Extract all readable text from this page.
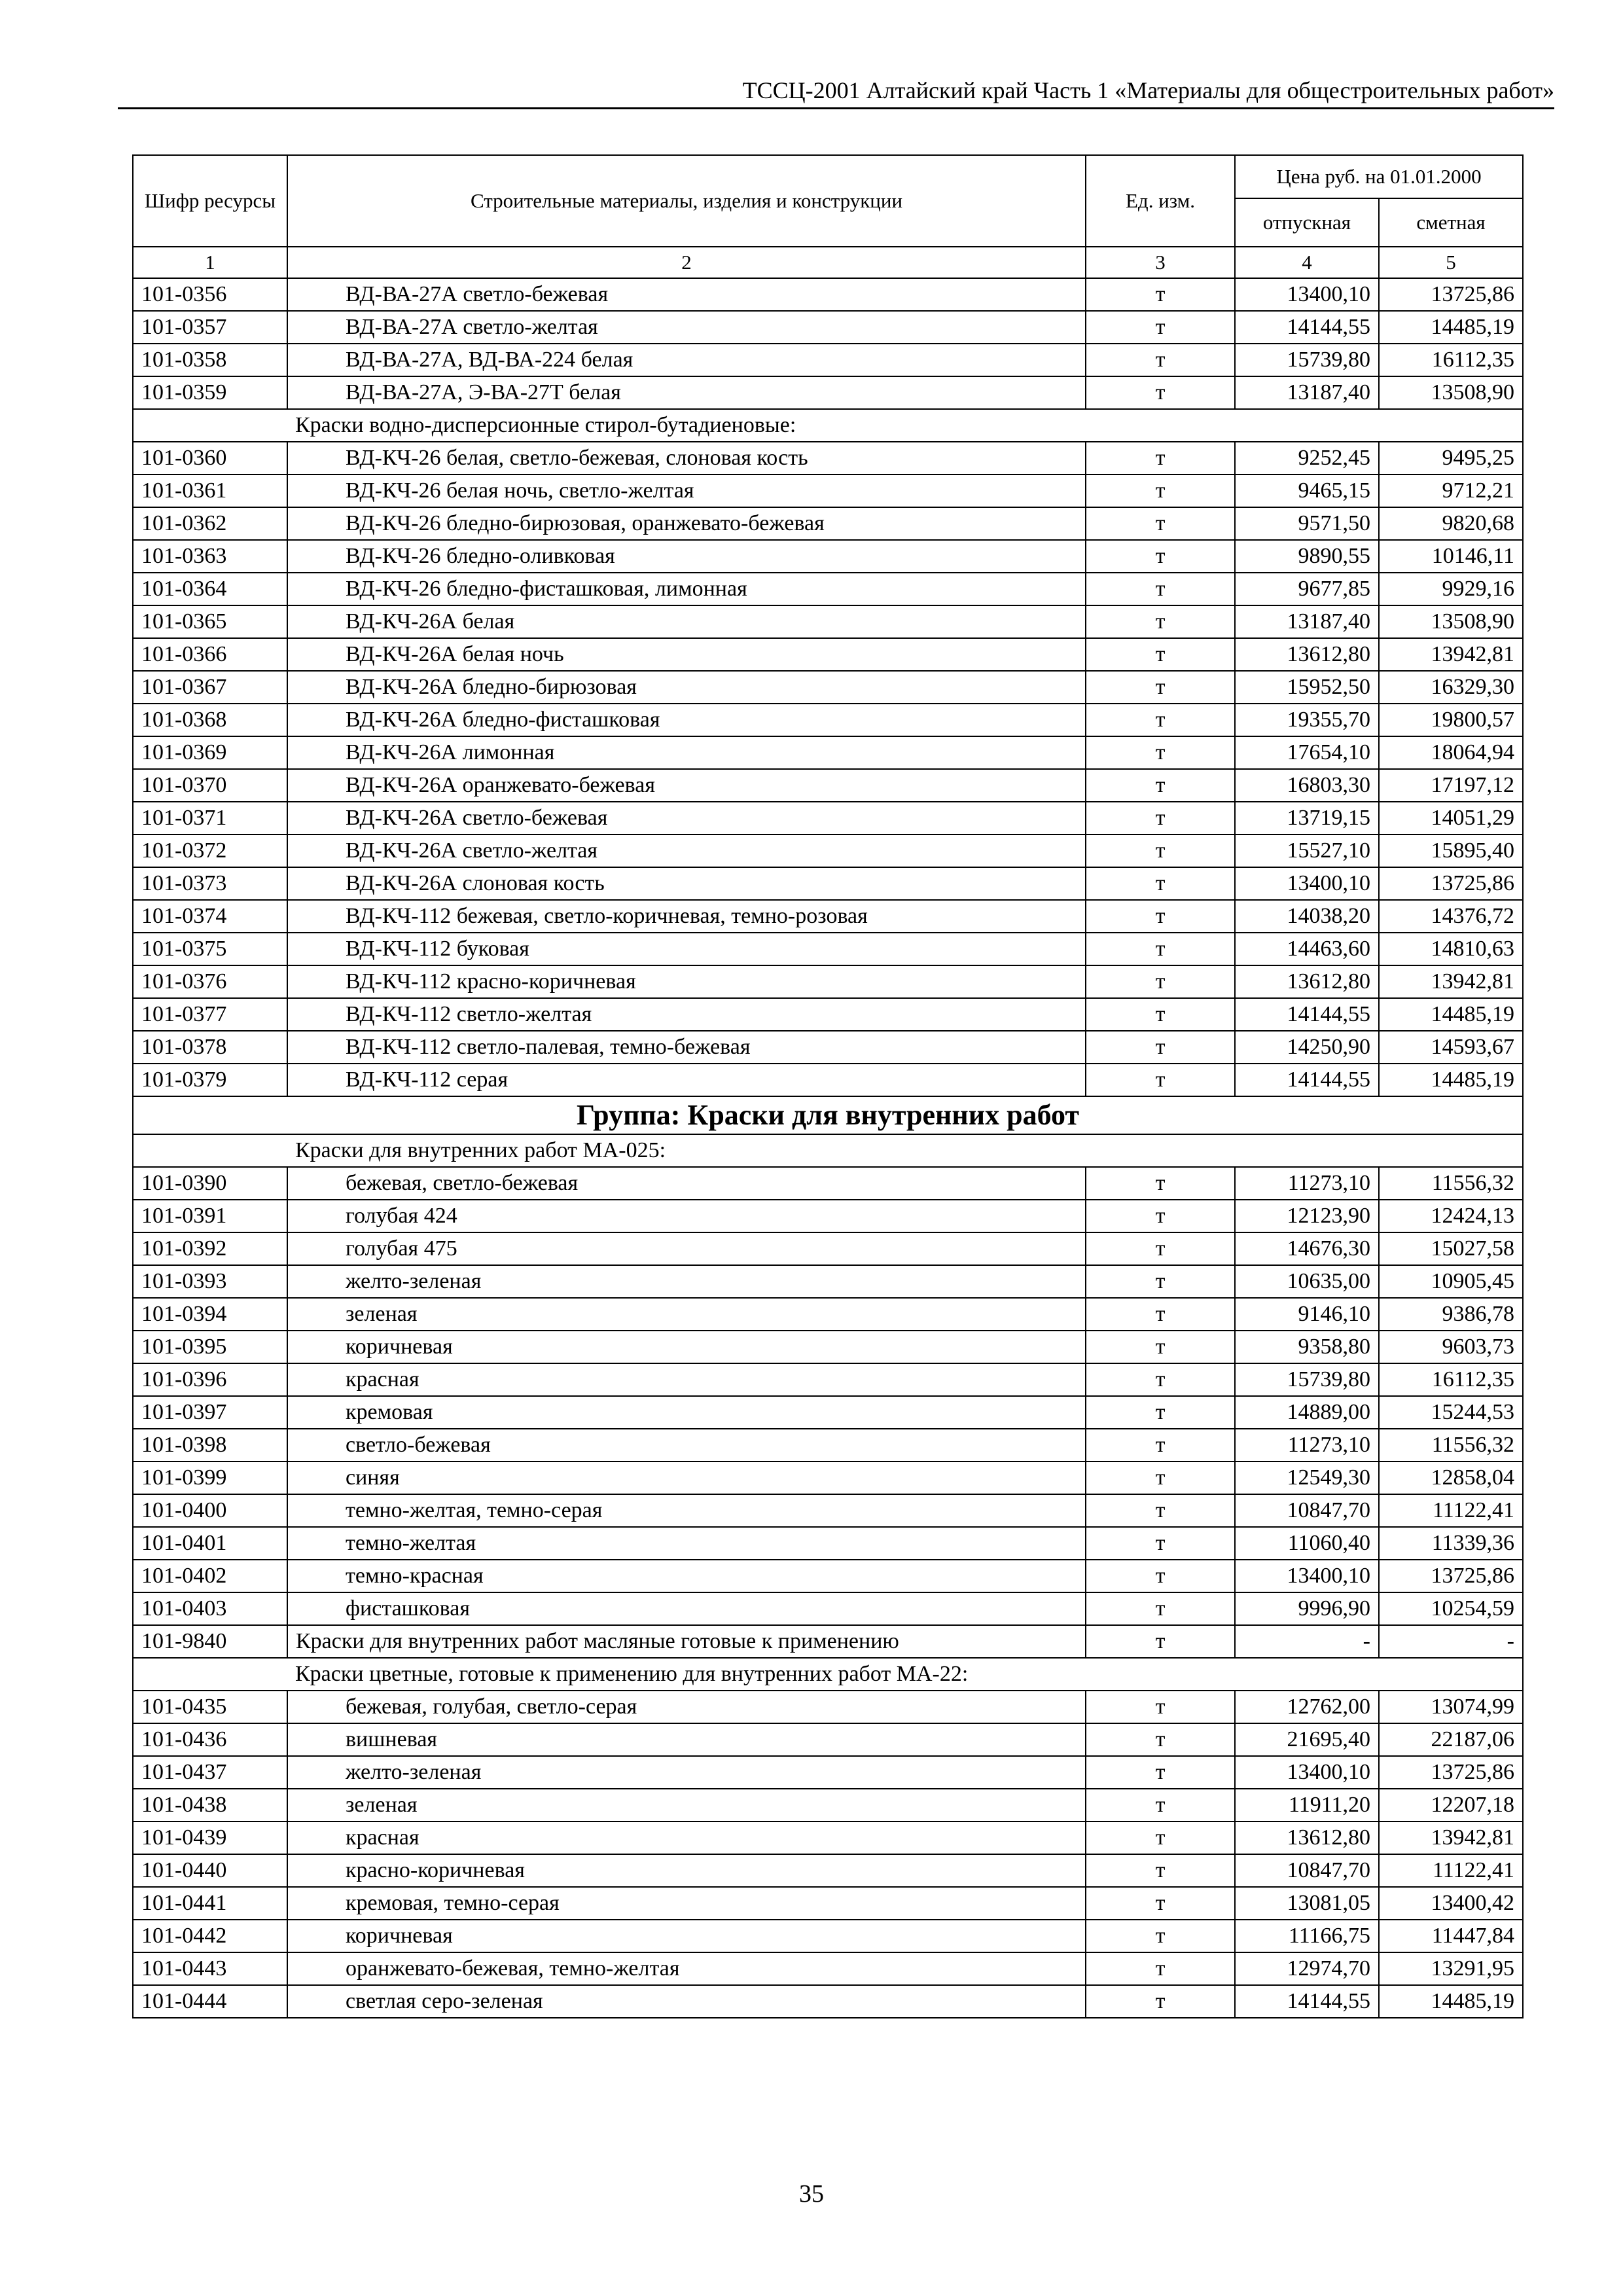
ТССЦ-2001 Алтайский край Часть 1 «Материалы для общестроительных работ»
Шифр ресурсы	Строительные материалы, изделия и конструкции	Ед. изм.	Цена руб. на 01.01.2000	
			отпускная	сметная
1	2	3	4	5
101-0356	ВД-ВА-27А светло-бежевая	т	13400,10	13725,86
101-0357	ВД-ВА-27А светло-желтая	т	14144,55	14485,19
101-0358	ВД-ВА-27А, ВД-ВА-224 белая	т	15739,80	16112,35
101-0359	ВД-ВА-27А, Э-ВА-27Т белая	т	13187,40	13508,90
	Краски водно-дисперсионные стирол-бутадиеновые:			
101-0360	ВД-КЧ-26 белая, светло-бежевая, слоновая кость	т	9252,45	9495,25
101-0361	ВД-КЧ-26 белая ночь, светло-желтая	т	9465,15	9712,21
101-0362	ВД-КЧ-26 бледно-бирюзовая, оранжевато-бежевая	т	9571,50	9820,68
101-0363	ВД-КЧ-26 бледно-оливковая	т	9890,55	10146,11
101-0364	ВД-КЧ-26 бледно-фисташковая, лимонная	т	9677,85	9929,16
101-0365	ВД-КЧ-26А белая	т	13187,40	13508,90
101-0366	ВД-КЧ-26А белая ночь	т	13612,80	13942,81
101-0367	ВД-КЧ-26А бледно-бирюзовая	т	15952,50	16329,30
101-0368	ВД-КЧ-26А бледно-фисташковая	т	19355,70	19800,57
101-0369	ВД-КЧ-26А лимонная	т	17654,10	18064,94
101-0370	ВД-КЧ-26А оранжевато-бежевая	т	16803,30	17197,12
101-0371	ВД-КЧ-26А светло-бежевая	т	13719,15	14051,29
101-0372	ВД-КЧ-26А светло-желтая	т	15527,10	15895,40
101-0373	ВД-КЧ-26А слоновая кость	т	13400,10	13725,86
101-0374	ВД-КЧ-112 бежевая, светло-коричневая, темно-розовая	т	14038,20	14376,72
101-0375	ВД-КЧ-112 буковая	т	14463,60	14810,63
101-0376	ВД-КЧ-112 красно-коричневая	т	13612,80	13942,81
101-0377	ВД-КЧ-112 светло-желтая	т	14144,55	14485,19
101-0378	ВД-КЧ-112 светло-палевая, темно-бежевая	т	14250,90	14593,67
101-0379	ВД-КЧ-112 серая	т	14144,55	14485,19
Группа: Краски для внутренних работ				
	Краски для внутренних работ МА-025:			
101-0390	бежевая, светло-бежевая	т	11273,10	11556,32
101-0391	голубая 424	т	12123,90	12424,13
101-0392	голубая 475	т	14676,30	15027,58
101-0393	желто-зеленая	т	10635,00	10905,45
101-0394	зеленая	т	9146,10	9386,78
101-0395	коричневая	т	9358,80	9603,73
101-0396	красная	т	15739,80	16112,35
101-0397	кремовая	т	14889,00	15244,53
101-0398	светло-бежевая	т	11273,10	11556,32
101-0399	синяя	т	12549,30	12858,04
101-0400	темно-желтая, темно-серая	т	10847,70	11122,41
101-0401	темно-желтая	т	11060,40	11339,36
101-0402	темно-красная	т	13400,10	13725,86
101-0403	фисташковая	т	9996,90	10254,59
101-9840	Краски для внутренних работ масляные готовые к применению	т	-	-
	Краски цветные, готовые к применению для внутренних работ МА-22:			
101-0435	бежевая, голубая, светло-серая	т	12762,00	13074,99
101-0436	вишневая	т	21695,40	22187,06
101-0437	желто-зеленая	т	13400,10	13725,86
101-0438	зеленая	т	11911,20	12207,18
101-0439	красная	т	13612,80	13942,81
101-0440	красно-коричневая	т	10847,70	11122,41
101-0441	кремовая, темно-серая	т	13081,05	13400,42
101-0442	коричневая	т	11166,75	11447,84
101-0443	оранжевато-бежевая, темно-желтая	т	12974,70	13291,95
101-0444	светлая серо-зеленая	т	14144,55	14485,19
35
